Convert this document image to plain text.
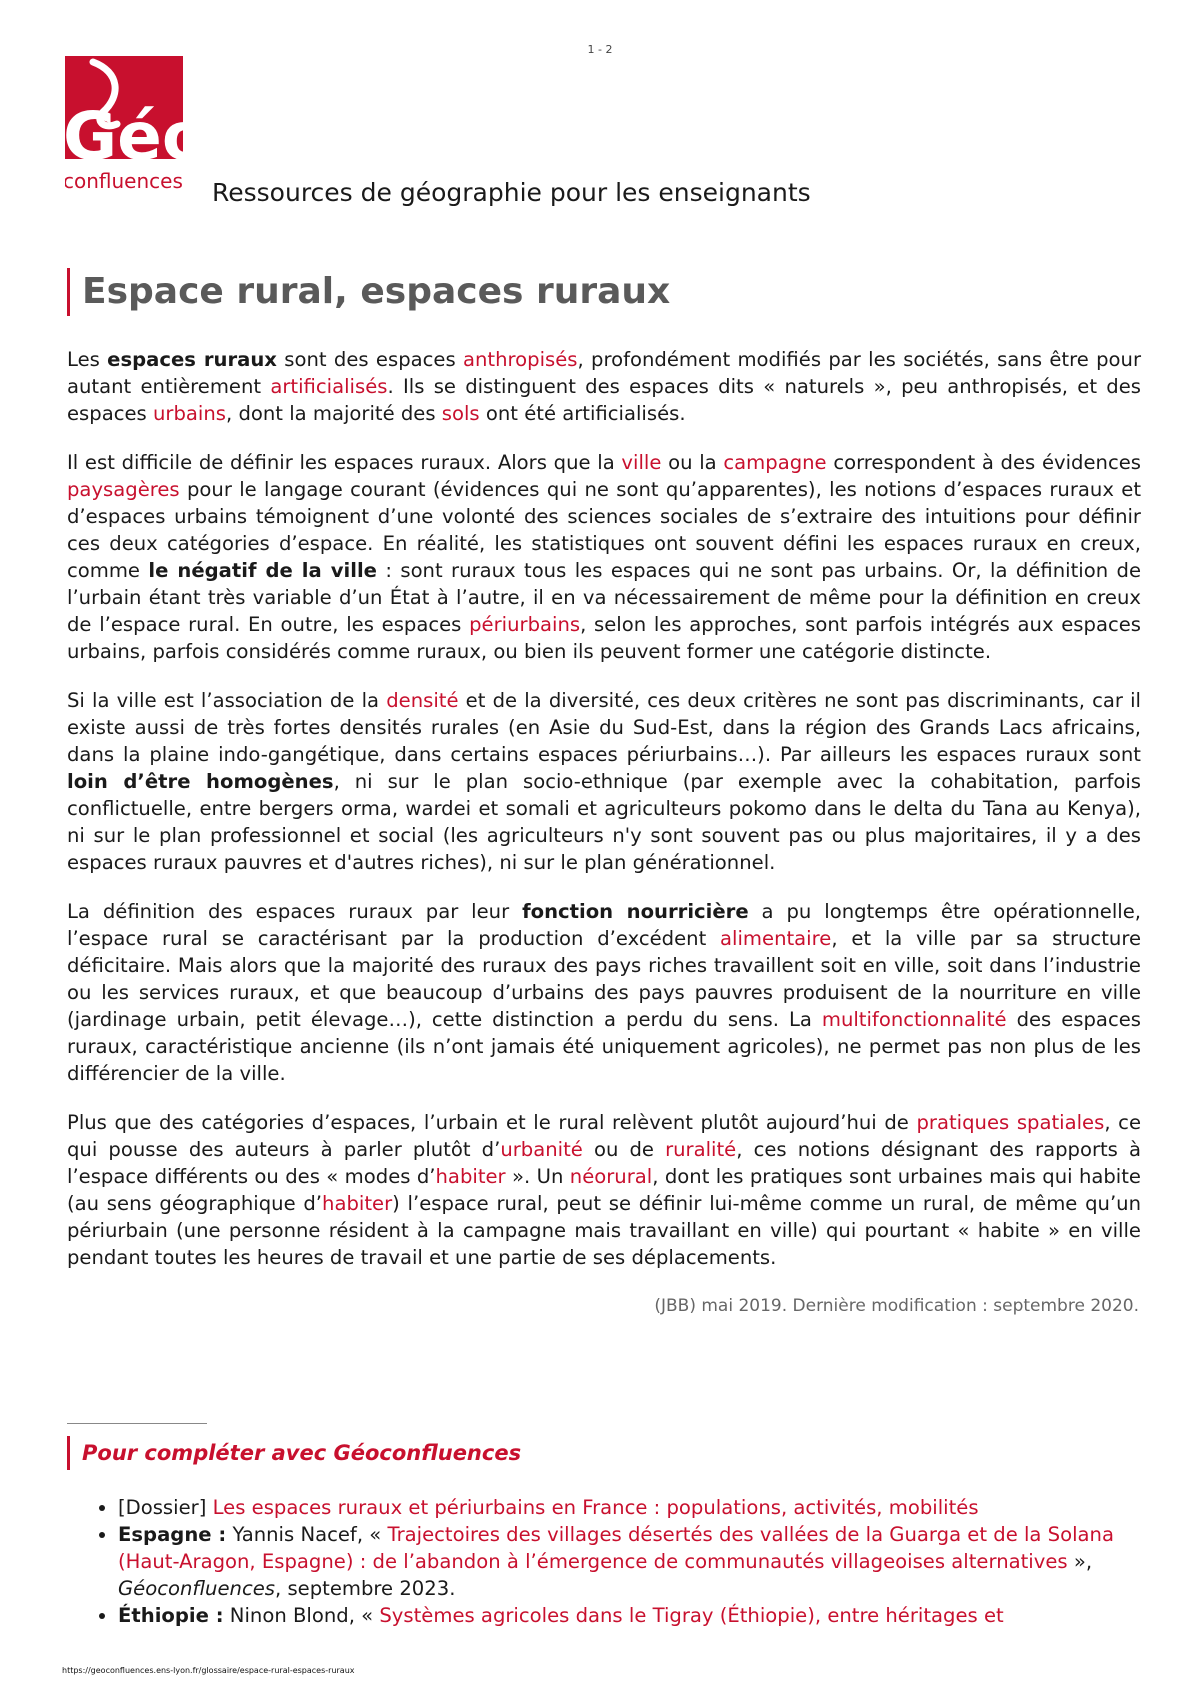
1 - 2
Géo
confluences Ressources de géographie pour les enseignants
Espace rural, espaces ruraux

Les espaces ruraux sont des espaces anthropisés, profondément modifiés par les sociétés, sans être pour autant entièrement artificialisés. Ils se distinguent des espaces dits « naturels », peu anthropisés, et des espaces urbains, dont la majorité des sols ont été artificialisés.

Il est difficile de définir les espaces ruraux. Alors que la ville ou la campagne correspondent à des évidences paysagères pour le langage courant (évidences qui ne sont qu’apparentes), les notions d’espaces ruraux et d’espaces urbains témoignent d’une volonté des sciences sociales de s’extraire des intuitions pour définir ces deux catégories d’espace. En réalité, les statistiques ont souvent défini les espaces ruraux en creux, comme le négatif de la ville : sont ruraux tous les espaces qui ne sont pas urbains. Or, la définition de l’urbain étant très variable d’un État à l’autre, il en va nécessairement de même pour la définition en creux de l’espace rural. En outre, les espaces périurbains, selon les approches, sont parfois intégrés aux espaces urbains, parfois considérés comme ruraux, ou bien ils peuvent former une catégorie distincte.

Si la ville est l’association de la densité et de la diversité, ces deux critères ne sont pas discriminants, car il existe aussi de très fortes densités rurales (en Asie du Sud-Est, dans la région des Grands Lacs africains, dans la plaine indo-gangétique, dans certains espaces périurbains…). Par ailleurs les espaces ruraux sont loin d’être homogènes, ni sur le plan socio-ethnique (par exemple avec la cohabitation, parfois conflictuelle, entre bergers orma, wardei et somali et agriculteurs pokomo dans le delta du Tana au Kenya), ni sur le plan professionnel et social (les agriculteurs n'y sont souvent pas ou plus majoritaires, il y a des espaces ruraux pauvres et d'autres riches), ni sur le plan générationnel.

La définition des espaces ruraux par leur fonction nourricière a pu longtemps être opérationnelle, l’espace rural se caractérisant par la production d’excédent alimentaire, et la ville par sa structure déficitaire. Mais alors que la majorité des ruraux des pays riches travaillent soit en ville, soit dans l’industrie ou les services ruraux, et que beaucoup d’urbains des pays pauvres produisent de la nourriture en ville (jardinage urbain, petit élevage…), cette distinction a perdu du sens. La multifonctionnalité des espaces ruraux, caractéristique ancienne (ils n’ont jamais été uniquement agricoles), ne permet pas non plus de les différencier de la ville.

Plus que des catégories d’espaces, l’urbain et le rural relèvent plutôt aujourd’hui de pratiques spatiales, ce qui pousse des auteurs à parler plutôt d’urbanité ou de ruralité, ces notions désignant des rapports à l’espace différents ou des « modes d’habiter ». Un néorural, dont les pratiques sont urbaines mais qui habite (au sens géographique d’habiter) l’espace rural, peut se définir lui-même comme un rural, de même qu’un périurbain (une personne résident à la campagne mais travaillant en ville) qui pourtant « habite » en ville pendant toutes les heures de travail et une partie de ses déplacements.

(JBB) mai 2019. Dernière modification : septembre 2020.
Pour compléter avec Géoconfluences
• [Dossier] Les espaces ruraux et périurbains en France : populations, activités, mobilités
• Espagne : Yannis Nacef, « Trajectoires des villages désertés des vallées de la Guarga et de la Solana (Haut-Aragon, Espagne) : de l’abandon à l’émergence de communautés villageoises alternatives », Géoconfluences, septembre 2023.
• Éthiopie : Ninon Blond, « Systèmes agricoles dans le Tigray (Éthiopie), entre héritages et
https://geoconfluences.ens-lyon.fr/glossaire/espace-rural-espaces-ruraux
